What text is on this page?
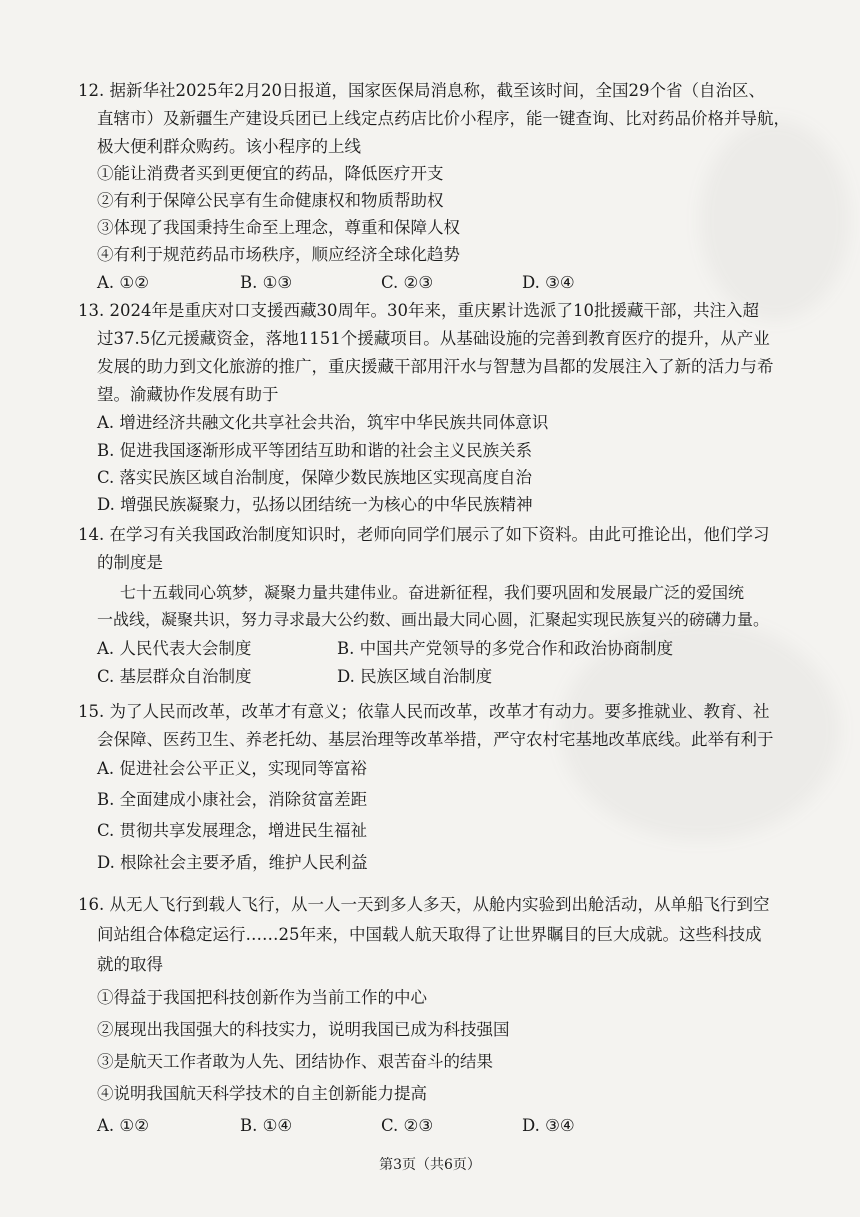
12. 据新华社2025年2月20日报道，国家医保局消息称，截至该时间，全国29个省（自治区、
直辖市）及新疆生产建设兵团已上线定点药店比价小程序，能一键查询、比对药品价格并导航，
极大便利群众购药。该小程序的上线
①能让消费者买到更便宜的药品，降低医疗开支
②有利于保障公民享有生命健康权和物质帮助权
③体现了我国秉持生命至上理念，尊重和保障人权
④有利于规范药品市场秩序，顺应经济全球化趋势
A. ①②	B. ①③	C. ②③	D. ③④
13. 2024年是重庆对口支援西藏30周年。30年来，重庆累计选派了10批援藏干部，共注入超
过37.5亿元援藏资金，落地1151个援藏项目。从基础设施的完善到教育医疗的提升，从产业
发展的助力到文化旅游的推广，重庆援藏干部用汗水与智慧为昌都的发展注入了新的活力与希
望。渝藏协作发展有助于
A. 增进经济共融文化共享社会共治，筑牢中华民族共同体意识
B. 促进我国逐渐形成平等团结互助和谐的社会主义民族关系
C. 落实民族区域自治制度，保障少数民族地区实现高度自治
D. 增强民族凝聚力，弘扬以团结统一为核心的中华民族精神
14. 在学习有关我国政治制度知识时，老师向同学们展示了如下资料。由此可推论出，他们学习
的制度是
七十五载同心筑梦，凝聚力量共建伟业。奋进新征程，我们要巩固和发展最广泛的爱国统
一战线，凝聚共识，努力寻求最大公约数、画出最大同心圆，汇聚起实现民族复兴的磅礴力量。
A. 人民代表大会制度	B. 中国共产党领导的多党合作和政治协商制度
C. 基层群众自治制度	D. 民族区域自治制度
15. 为了人民而改革，改革才有意义；依靠人民而改革，改革才有动力。要多推就业、教育、社
会保障、医药卫生、养老托幼、基层治理等改革举措，严守农村宅基地改革底线。此举有利于
A. 促进社会公平正义，实现同等富裕
B. 全面建成小康社会，消除贫富差距
C. 贯彻共享发展理念，增进民生福祉
D. 根除社会主要矛盾，维护人民利益
16. 从无人飞行到载人飞行，从一人一天到多人多天，从舱内实验到出舱活动，从单船飞行到空
间站组合体稳定运行……25年来，中国载人航天取得了让世界瞩目的巨大成就。这些科技成
就的取得
①得益于我国把科技创新作为当前工作的中心
②展现出我国强大的科技实力，说明我国已成为科技强国
③是航天工作者敢为人先、团结协作、艰苦奋斗的结果
④说明我国航天科学技术的自主创新能力提高
A. ①②	B. ①④	C. ②③	D. ③④
第3页（共6页）
